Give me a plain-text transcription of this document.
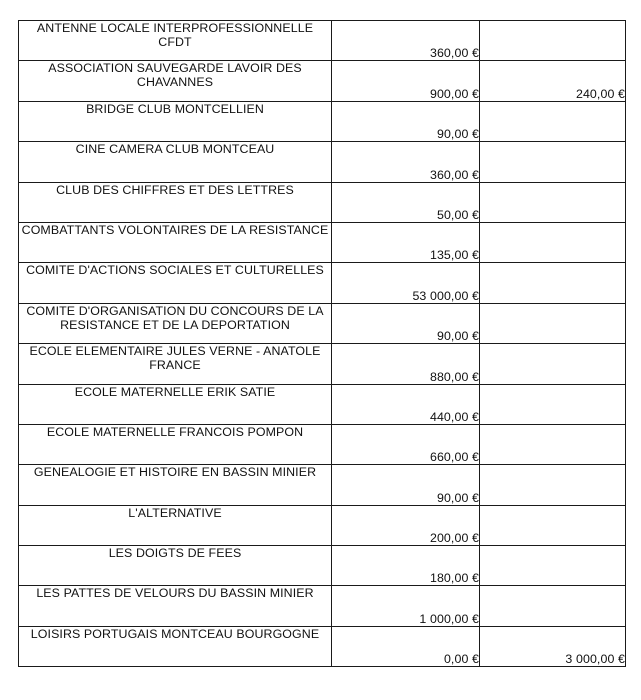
ANTENNE LOCALE INTERPROFESSIONNELLE CFDT	360,00 €	
ASSOCIATION SAUVEGARDE LAVOIR DES CHAVANNES	900,00 €	240,00 €
BRIDGE CLUB MONTCELLIEN	90,00 €	
CINE CAMERA CLUB MONTCEAU	360,00 €	
CLUB DES CHIFFRES ET DES LETTRES	50,00 €	
COMBATTANTS VOLONTAIRES DE LA RESISTANCE	135,00 €	
COMITE D'ACTIONS SOCIALES ET CULTURELLES	53 000,00 €	
COMITE D'ORGANISATION DU CONCOURS DE LA RESISTANCE ET DE LA DEPORTATION	90,00 €	
ECOLE ELEMENTAIRE JULES VERNE - ANATOLE FRANCE	880,00 €	
ECOLE MATERNELLE ERIK SATIE	440,00 €	
ECOLE MATERNELLE FRANCOIS POMPON	660,00 €	
GENEALOGIE ET HISTOIRE EN BASSIN MINIER	90,00 €	
L'ALTERNATIVE	200,00 €	
LES DOIGTS DE FEES	180,00 €	
LES PATTES DE VELOURS DU BASSIN MINIER	1 000,00 €	
LOISIRS PORTUGAIS MONTCEAU BOURGOGNE	0,00 €	3 000,00 €
